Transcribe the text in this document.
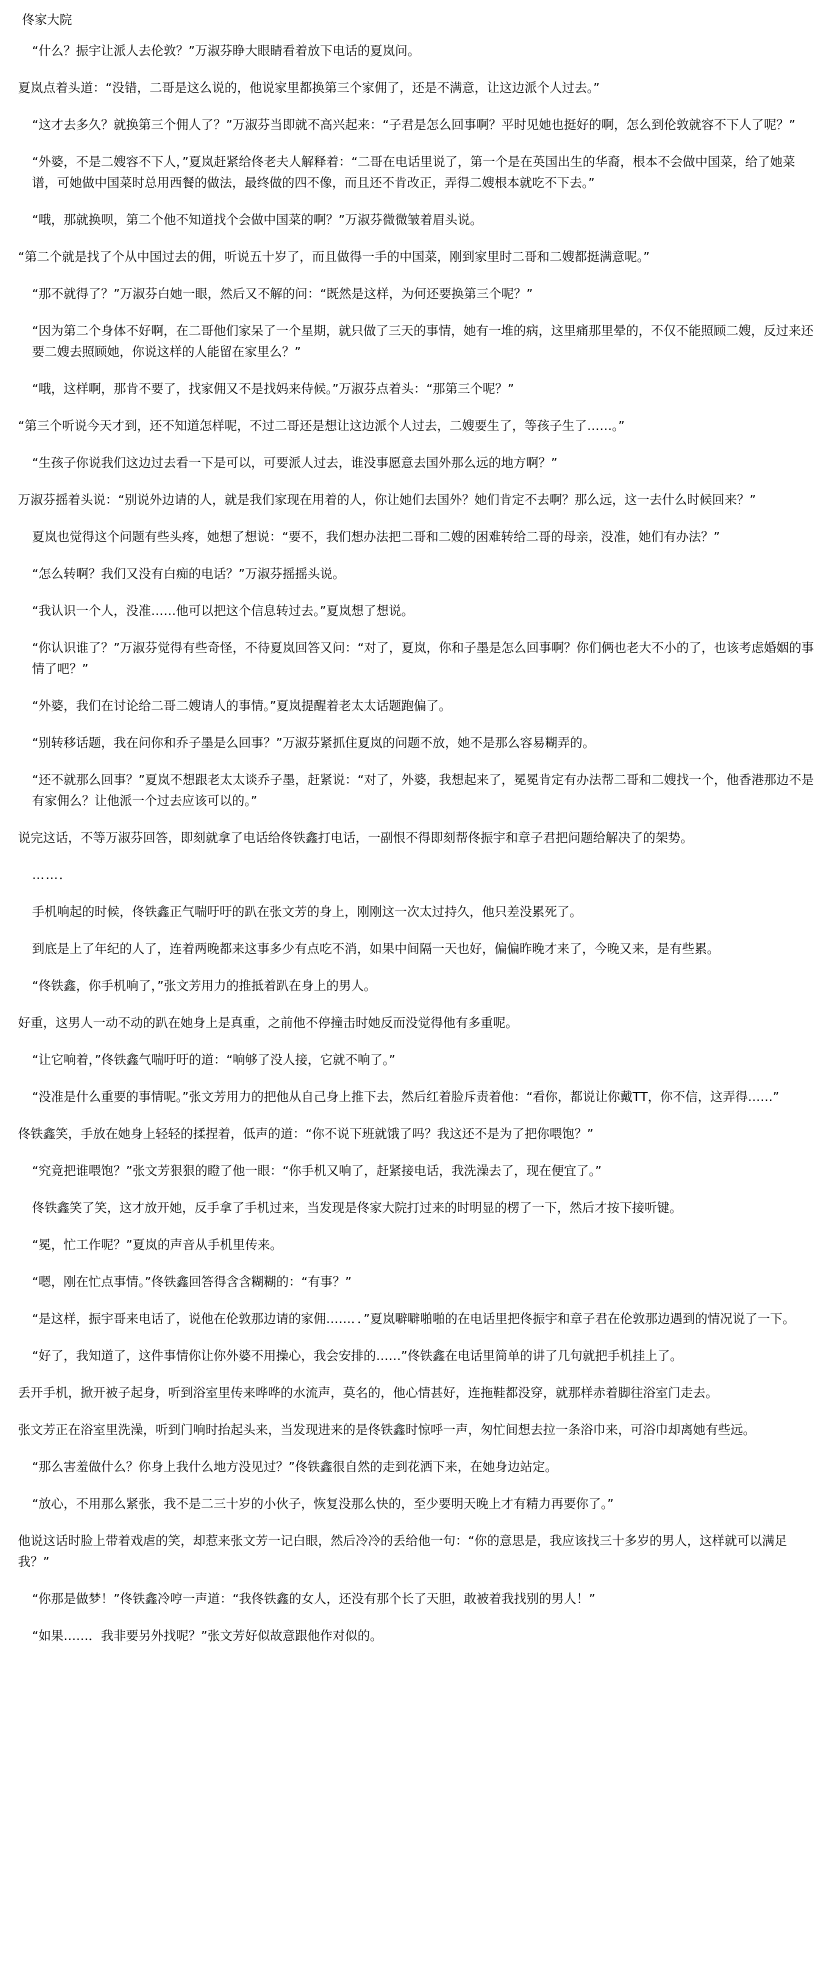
佟家大院
“什么？振宇让派人去伦敦？”万淑芬睁大眼睛看着放下电话的夏岚问。
夏岚点着头道：“没错，二哥是这么说的，他说家里都换第三个家佣了，还是不满意，让这边派个人过去。”
“这才去多久？就换第三个佣人了？”万淑芬当即就不高兴起来：“子君是怎么回事啊？平时见她也挺好的啊，怎么到伦敦就容不下人了呢？”
“外婆，不是二嫂容不下人，”夏岚赶紧给佟老夫人解释着：“二哥在电话里说了，第一个是在英国出生的华裔，根本不会做中国菜，给了她菜谱，可她做中国菜时总用西餐的做法，最终做的四不像，而且还不肯改正，弄得二嫂根本就吃不下去。”
“哦，那就换呗，第二个他不知道找个会做中国菜的啊？”万淑芬微微皱着眉头说。
“第二个就是找了个从中国过去的佣，听说五十岁了，而且做得一手的中国菜，刚到家里时二哥和二嫂都挺满意呢。”
“那不就得了？”万淑芬白她一眼，然后又不解的问：“既然是这样，为何还要换第三个呢？”
“因为第二个身体不好啊，在二哥他们家呆了一个星期，就只做了三天的事情，她有一堆的病，这里痛那里晕的，不仅不能照顾二嫂，反过来还要二嫂去照顾她，你说这样的人能留在家里么？”
“哦，这样啊，那肯不要了，找家佣又不是找妈来侍候。”万淑芬点着头：“那第三个呢？”
“第三个听说今天才到，还不知道怎样呢，不过二哥还是想让这边派个人过去，二嫂要生了，等孩子生了……。”
“生孩子你说我们这边过去看一下是可以，可要派人过去，谁没事愿意去国外那么远的地方啊？”
万淑芬摇着头说：“别说外边请的人，就是我们家现在用着的人，你让她们去国外？她们肯定不去啊？那么远，这一去什么时候回来？”
夏岚也觉得这个问题有些头疼，她想了想说：“要不，我们想办法把二哥和二嫂的困难转给二哥的母亲，没准，她们有办法？”
“怎么转啊？我们又没有白痴的电话？”万淑芬摇摇头说。
“我认识一个人，没准……他可以把这个信息转过去。”夏岚想了想说。
“你认识谁了？”万淑芬觉得有些奇怪，不待夏岚回答又问：“对了，夏岚，你和子墨是怎么回事啊？你们俩也老大不小的了，也该考虑婚姻的事情了吧？”
“外婆，我们在讨论给二哥二嫂请人的事情。”夏岚提醒着老太太话题跑偏了。
“别转移话题，我在问你和乔子墨是么回事？”万淑芬紧抓住夏岚的问题不放，她不是那么容易糊弄的。
“还不就那么回事？”夏岚不想跟老太太谈乔子墨，赶紧说：“对了，外婆，我想起来了，冕冕肯定有办法帮二哥和二嫂找一个，他香港那边不是有家佣么？让他派一个过去应该可以的。”
说完这话，不等万淑芬回答，即刻就拿了电话给佟铁鑫打电话，一副恨不得即刻帮佟振宇和章子君把问题给解决了的架势。
……．
手机响起的时候，佟铁鑫正气喘吁吁的趴在张文芳的身上，刚刚这一次太过持久，他只差没累死了。
到底是上了年纪的人了，连着两晚都来这事多少有点吃不消，如果中间隔一天也好，偏偏昨晚才来了，今晚又来，是有些累。
“佟铁鑫，你手机响了，”张文芳用力的推抵着趴在身上的男人。
好重，这男人一动不动的趴在她身上是真重，之前他不停撞击时她反而没觉得他有多重呢。
“让它响着，”佟铁鑫气喘吁吁的道：“响够了没人接，它就不响了。”
“没准是什么重要的事情呢。”张文芳用力的把他从自己身上推下去，然后红着脸斥责着他：“看你，都说让你戴TT，你不信，这弄得……”
佟铁鑫笑，手放在她身上轻轻的揉捏着，低声的道：“你不说下班就饿了吗？我这还不是为了把你喂饱？”
“究竟把谁喂饱？”张文芳狠狠的瞪了他一眼：“你手机又响了，赶紧接电话，我洗澡去了，现在便宜了。”
佟铁鑫笑了笑，这才放开她，反手拿了手机过来，当发现是佟家大院打过来的时明显的楞了一下，然后才按下接听键。
“冕，忙工作呢？”夏岚的声音从手机里传来。
“嗯，刚在忙点事情。”佟铁鑫回答得含含糊糊的：“有事？”
“是这样，振宇哥来电话了，说他在伦敦那边请的家佣……．．”夏岚噼噼啪啪的在电话里把佟振宇和章子君在伦敦那边遇到的情况说了一下。
“好了，我知道了，这件事情你让你外婆不用操心，我会安排的……”佟铁鑫在电话里简单的讲了几句就把手机挂上了。
丢开手机，掀开被子起身，听到浴室里传来哗哗的水流声，莫名的，他心情甚好，连拖鞋都没穿，就那样赤着脚往浴室门走去。
张文芳正在浴室里洗澡，听到门响时抬起头来，当发现进来的是佟铁鑫时惊呼一声，匆忙间想去拉一条浴巾来，可浴巾却离她有些远。
“那么害羞做什么？你身上我什么地方没见过？”佟铁鑫很自然的走到花洒下来，在她身边站定。
“放心，不用那么紧张，我不是二三十岁的小伙子，恢复没那么快的，至少要明天晚上才有精力再要你了。”
他说这话时脸上带着戏虐的笑，却惹来张文芳一记白眼，然后冷冷的丢给他一句：“你的意思是，我应该找三十多岁的男人，这样就可以满足我？”
“你那是做梦！”佟铁鑫冷哼一声道：“我佟铁鑫的女人，还没有那个长了天胆，敢被着我找别的男人！”
“如果……．我非要另外找呢？”张文芳好似故意跟他作对似的。
